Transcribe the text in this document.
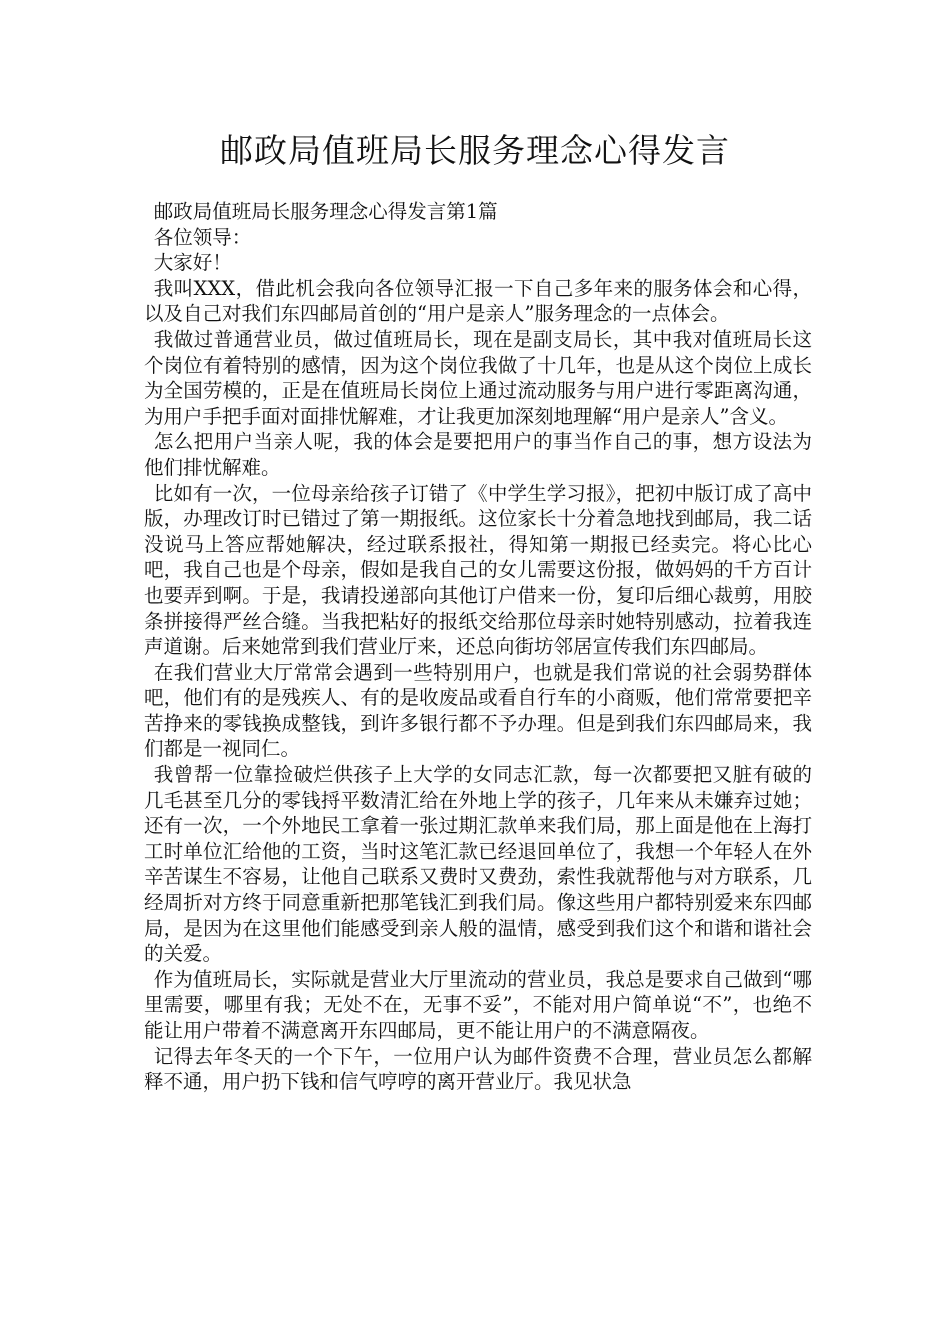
邮政局值班局长服务理念心得发言

邮政局值班局长服务理念心得发言第1篇

各位领导：

大家好！

我叫XXX，借此机会我向各位领导汇报一下自己多年来的服务体会和心得，以及自己对我们东四邮局首创的“用户是亲人”服务理念的一点体会。

我做过普通营业员，做过值班局长，现在是副支局长，其中我对值班局长这个岗位有着特别的感情，因为这个岗位我做了十几年，也是从这个岗位上成长为全国劳模的，正是在值班局长岗位上通过流动服务与用户进行零距离沟通，为用户手把手面对面排忧解难，才让我更加深刻地理解“用户是亲人”含义。

怎么把用户当亲人呢，我的体会是要把用户的事当作自己的事，想方设法为他们排忧解难。

比如有一次，一位母亲给孩子订错了《中学生学习报》，把初中版订成了高中版，办理改订时已错过了第一期报纸。这位家长十分着急地找到邮局，我二话没说马上答应帮她解决，经过联系报社，得知第一期报已经卖完。将心比心吧，我自己也是个母亲，假如是我自己的女儿需要这份报，做妈妈的千方百计也要弄到啊。于是，我请投递部向其他订户借来一份，复印后细心裁剪，用胶条拼接得严丝合缝。当我把粘好的报纸交给那位母亲时她特别感动，拉着我连声道谢。后来她常到我们营业厅来，还总向街坊邻居宣传我们东四邮局。

在我们营业大厅常常会遇到一些特别用户，也就是我们常说的社会弱势群体吧，他们有的是残疾人、有的是收废品或看自行车的小商贩，他们常常要把辛苦挣来的零钱换成整钱，到许多银行都不予办理。但是到我们东四邮局来，我们都是一视同仁。

我曾帮一位靠捡破烂供孩子上大学的女同志汇款，每一次都要把又脏有破的几毛甚至几分的零钱捋平数清汇给在外地上学的孩子，几年来从未嫌弃过她；还有一次，一个外地民工拿着一张过期汇款单来我们局，那上面是他在上海打工时单位汇给他的工资，当时这笔汇款已经退回单位了，我想一个年轻人在外辛苦谋生不容易，让他自己联系又费时又费劲，索性我就帮他与对方联系，几经周折对方终于同意重新把那笔钱汇到我们局。像这些用户都特别爱来东四邮局，是因为在这里他们能感受到亲人般的温情，感受到我们这个和谐和谐社会的关爱。

作为值班局长，实际就是营业大厅里流动的营业员，我总是要求自己做到“哪里需要，哪里有我；无处不在，无事不妥”，不能对用户简单说“不”，也绝不能让用户带着不满意离开东四邮局，更不能让用户的不满意隔夜。

记得去年冬天的一个下午，一位用户认为邮件资费不合理，营业员怎么都解释不通，用户扔下钱和信气哼哼的离开营业厅。我见状急
